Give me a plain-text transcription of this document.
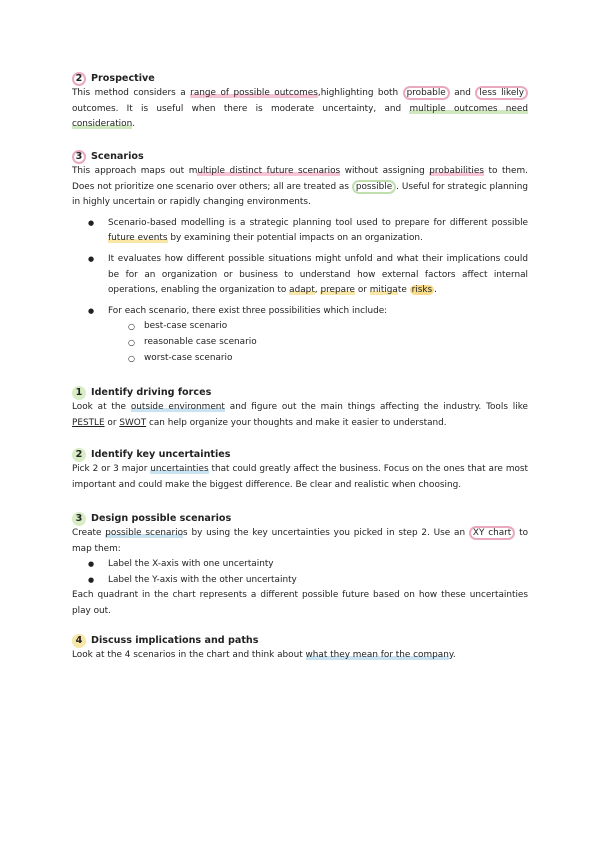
2 Prospective

This method considers a range of possible outcomes,highlighting both probable and less likely outcomes. It is useful when there is moderate uncertainty, and multiple outcomes need consideration.

3 Scenarios

This approach maps out multiple distinct future scenarios without assigning probabilities to them. Does not prioritize one scenario over others; all are treated as possible . Useful for strategic planning in highly uncertain or rapidly changing environments.

● Scenario-based modelling is a strategic planning tool used to prepare for different possible future events by examining their potential impacts on an organization.
● It evaluates how different possible situations might unfold and what their implications could be for an organization or business to understand how external factors affect internal operations, enabling the organization to adapt, prepare or mitigate risks .
● For each scenario, there exist three possibilities which include:
○ best-case scenario
○ reasonable case scenario
○ worst-case scenario
1 Identify driving forces

Look at the outside environment and figure out the main things affecting the industry. Tools like PESTLE or SWOT can help organize your thoughts and make it easier to understand.

2 Identify key uncertainties

Pick 2 or 3 major uncertainties that could greatly affect the business. Focus on the ones that are most important and could make the biggest difference. Be clear and realistic when choosing.

3 Design possible scenarios

Create possible scenarios by using the key uncertainties you picked in step 2. Use an XY chart to map them:

● Label the X-axis with one uncertainty
● Label the Y-axis with the other uncertainty

Each quadrant in the chart represents a different possible future based on how these uncertainties play out.

4 Discuss implications and paths

Look at the 4 scenarios in the chart and think about what they mean for the company.
